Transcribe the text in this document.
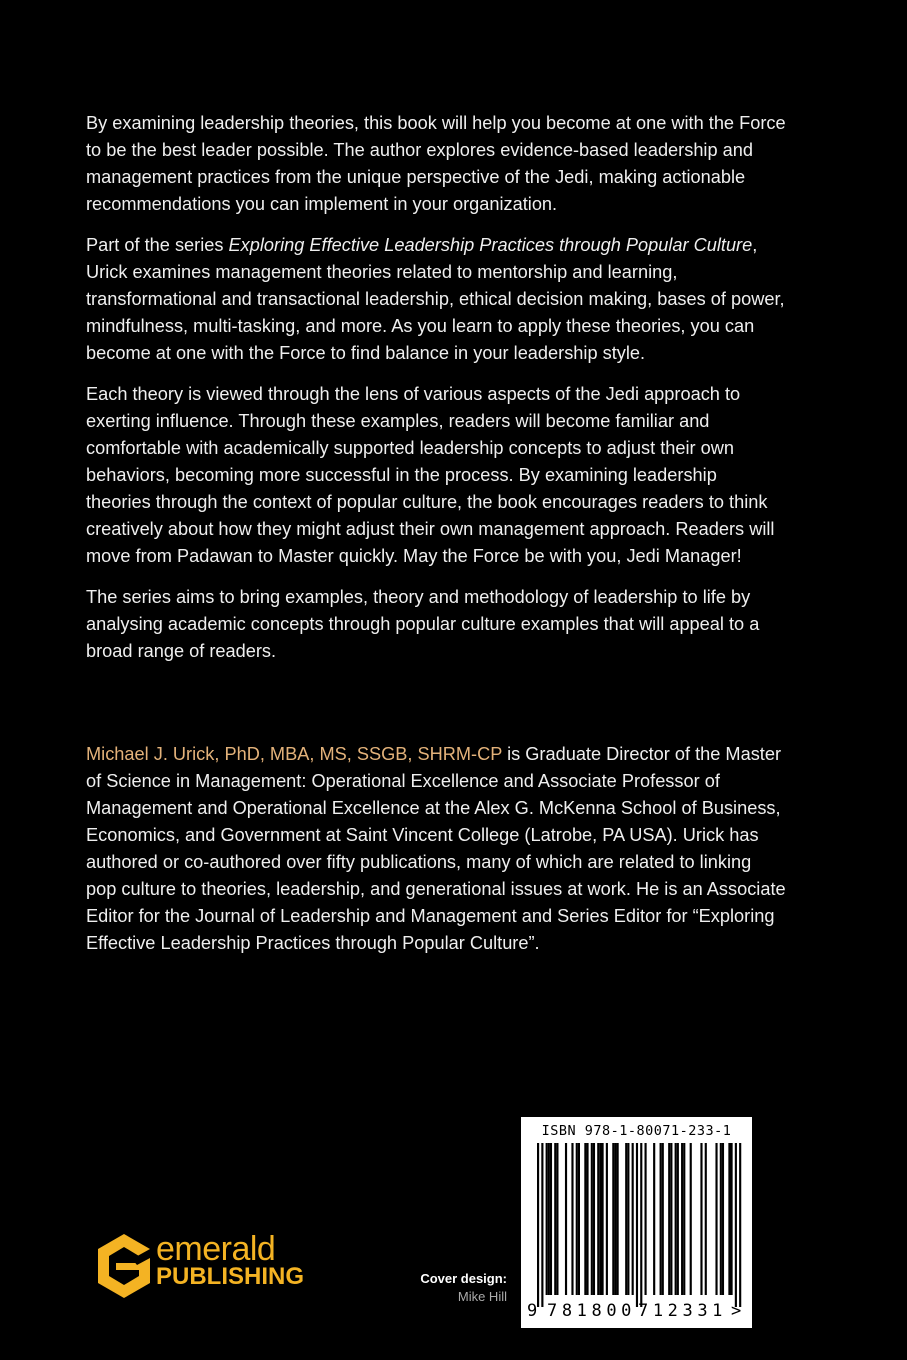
By examining leadership theories, this book will help you become at one with the Force to be the best leader possible. The author explores evidence-based leadership and management practices from the unique perspective of the Jedi, making actionable recommendations you can implement in your organization.

Part of the series Exploring Effective Leadership Practices through Popular Culture, Urick examines management theories related to mentorship and learning, transformational and transactional leadership, ethical decision making, bases of power, mindfulness, multi-tasking, and more. As you learn to apply these theories, you can become at one with the Force to find balance in your leadership style.

Each theory is viewed through the lens of various aspects of the Jedi approach to exerting influence. Through these examples, readers will become familiar and comfortable with academically supported leadership concepts to adjust their own behaviors, becoming more successful in the process. By examining leadership theories through the context of popular culture, the book encourages readers to think creatively about how they might adjust their own management approach. Readers will move from Padawan to Master quickly. May the Force be with you, Jedi Manager!

The series aims to bring examples, theory and methodology of leadership to life by analysing academic concepts through popular culture examples that will appeal to a broad range of readers.

Michael J. Urick, PhD, MBA, MS, SSGB, SHRM-CP is Graduate Director of the Master of Science in Management: Operational Excellence and Associate Professor of Management and Operational Excellence at the Alex G. McKenna School of Business, Economics, and Government at Saint Vincent College (Latrobe, PA USA). Urick has authored or co-authored over fifty publications, many of which are related to linking pop culture to theories, leadership, and generational issues at work. He is an Associate Editor for the Journal of Leadership and Management and Series Editor for “Exploring Effective Leadership Practices through Popular Culture”.

emerald
PUBLISHING	Cover design:
Mike Hill
ISBN 978-1-80071-233-1
9 781800 712331 >
